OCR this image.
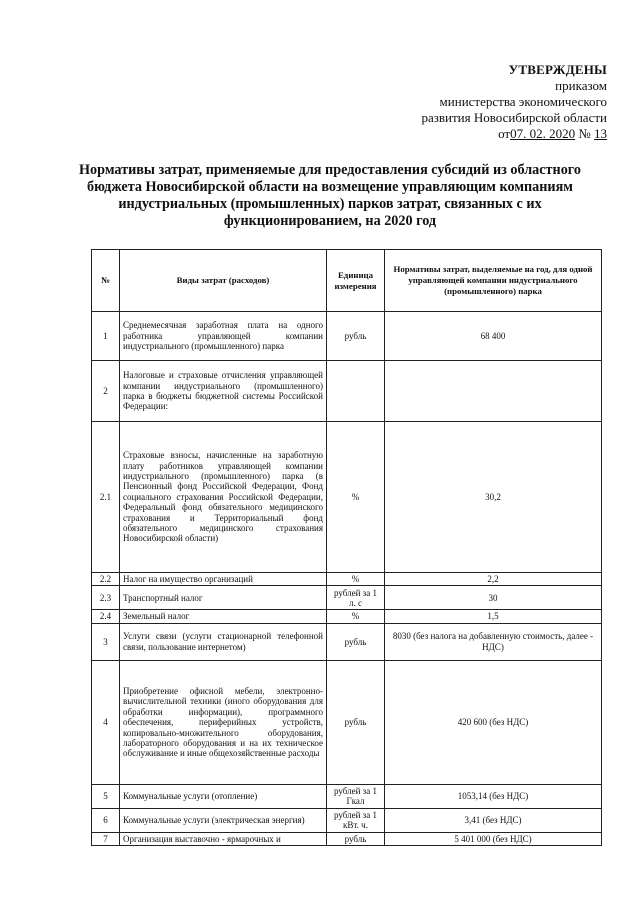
УТВЕРЖДЕНЫ
приказом
министерства экономического
развития Новосибирской области
от07. 02. 2020 № 13
Нормативы затрат, применяемые для предоставления субсидий из областного бюджета Новосибирской области на возмещение управляющим компаниям индустриальных (промышленных) парков затрат, связанных с их функционированием, на 2020 год
№	Виды затрат (расходов)	Единица измерения	Нормативы затрат, выделяемые на год, для одной управляющей компании индустриального (промышленного) парка
1	Среднемесячная заработная плата на одного работника управляющей компании индустриального (промышленного) парка	рубль	68 400
2	Налоговые и страховые отчисления управляющей компании индустриального (промышленного) парка в бюджеты бюджетной системы Российской Федерации:		
2.1	Страховые взносы, начисленные на заработную плату работников управляющей компании индустриального (промышленного) парка (в Пенсионный фонд Российской Федерации, Фонд социального страхования Российской Федерации, Федеральный фонд обязательного медицинского страхования и Территориальный фонд обязательного медицинского страхования Новосибирской области)	%	30,2
2.2	Налог на имущество организаций	%	2,2
2.3	Транспортный налог	рублей за 1 л. с	30
2.4	Земельный налог	%	1,5
3	Услуги связи (услуги стационарной телефонной связи, пользование интернетом)	рубль	8030 (без налога на добавленную стоимость, далее - НДС)
4	Приобретение офисной мебели, электронно-вычислительной техники (иного оборудования для обработки информации), программного обеспечения, периферийных устройств, копировально-множительного оборудования, лабораторного оборудования и на их техническое обслуживание и иные общехозяйственные расходы	рубль	420 600 (без НДС)
5	Коммунальные услуги (отопление)	рублей за 1 Гкал	1053,14 (без НДС)
6	Коммунальные услуги (электрическая энергия)	рублей за 1 кВт. ч.	3,41 (без НДС)
7	Организация выставочно - ярмарочных и	рубль	5 401 000 (без НДС)
